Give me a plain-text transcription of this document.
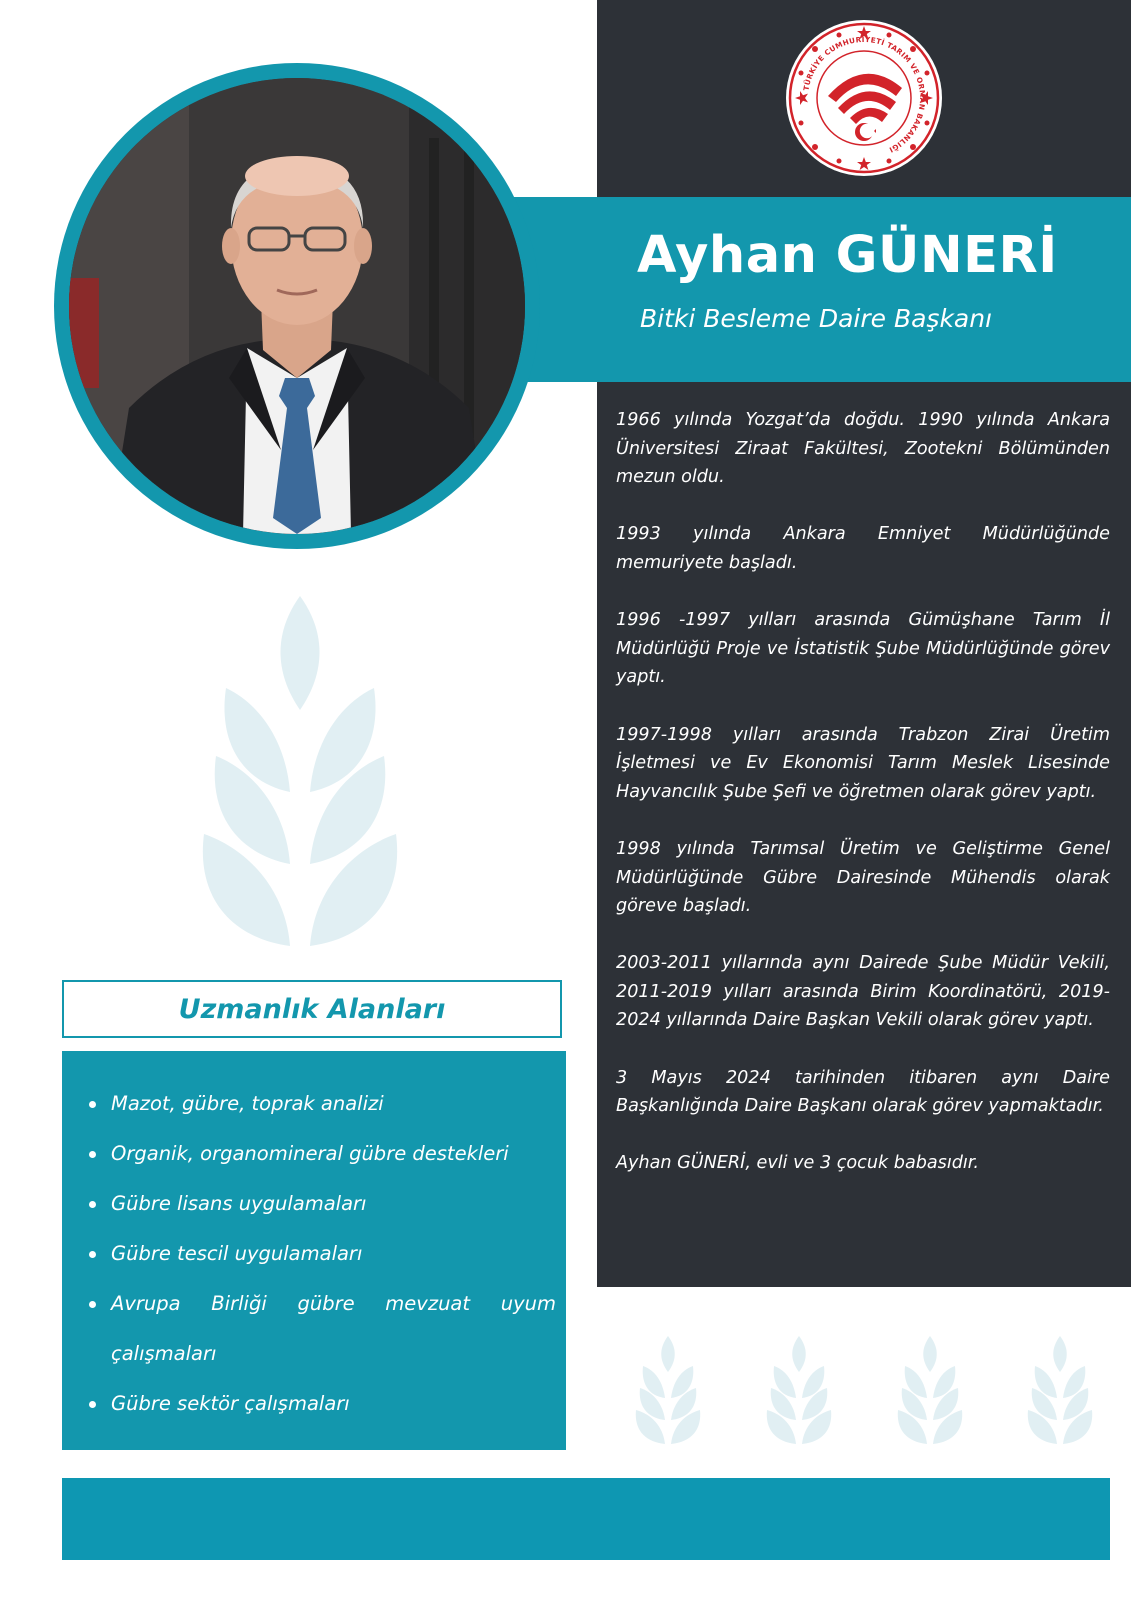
TÜRKİYE CUMHURİYETİ TARIM VE ORMAN BAKANLIĞI
Ayhan GÜNERİ
Bitki Besleme Daire Başkanı

1966 yılında Yozgat’da doğdu. 1990 yılında Ankara Üniversitesi Ziraat Fakültesi, Zootekni Bölümünden mezun oldu.

1993 yılında Ankara Emniyet Müdürlüğünde memuriyete başladı.

1996 -1997 yılları arasında Gümüşhane Tarım İl Müdürlüğü Proje ve İstatistik Şube Müdürlüğünde görev yaptı.

1997-1998 yılları arasında Trabzon Zirai Üretim İşletmesi ve Ev Ekonomisi Tarım Meslek Lisesinde Hayvancılık Şube Şefi ve öğretmen olarak görev yaptı.

1998 yılında Tarımsal Üretim ve Geliştirme Genel Müdürlüğünde Gübre Dairesinde Mühendis olarak göreve başladı.

2003-2011 yıllarında aynı Dairede Şube Müdür Vekili, 2011-2019 yılları arasında Birim Koordinatörü, 2019-2024 yıllarında Daire Başkan Vekili olarak görev yaptı.

3 Mayıs 2024 tarihinden itibaren aynı Daire Başkanlığında Daire Başkanı olarak görev yapmaktadır.

Ayhan GÜNERİ, evli ve 3 çocuk babasıdır.

Uzmanlık Alanları
Mazot, gübre, toprak analizi
Organik, organomineral gübre destekleri
Gübre lisans uygulamaları
Gübre tescil uygulamaları
Avrupa Birliği gübre mevzuat uyum çalışmaları
Gübre sektör çalışmaları
